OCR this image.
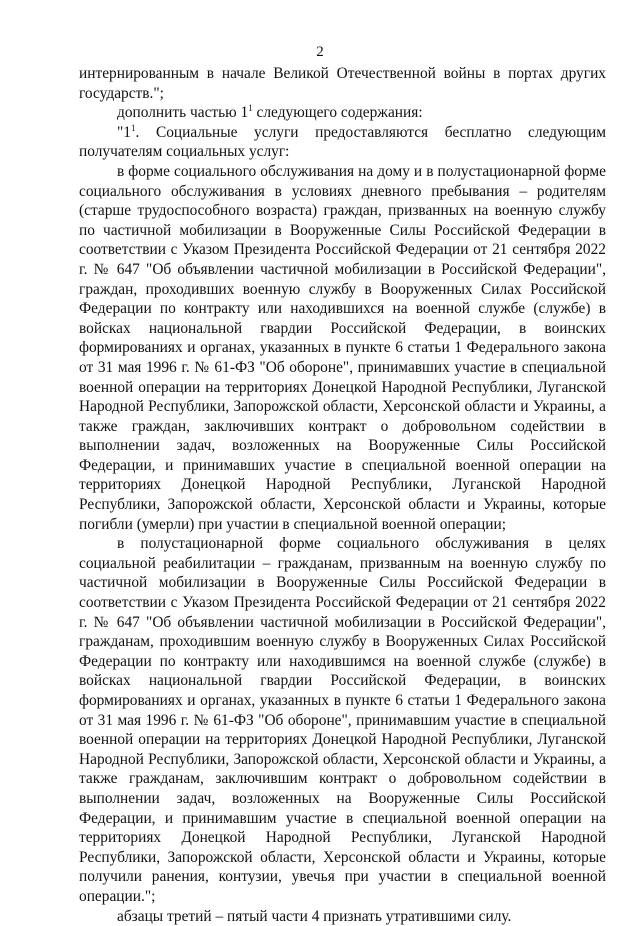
2

интернированным в начале Великой Отечественной войны в портах других государств.";

дополнить частью $1^1$ следующего содержания:

"$1^1$. Социальные услуги предоставляются бесплатно следующим получателям социальных услуг:

в форме социального обслуживания на дому и в полустационарной форме социального обслуживания в условиях дневного пребывания – родителям (старше трудоспособного возраста) граждан, призванных на военную службу по частичной мобилизации в Вооруженные Силы Российской Федерации в соответствии с Указом Президента Российской Федерации от 21 сентября 2022 г. № 647 "Об объявлении частичной мобилизации в Российской Федерации", граждан, проходивших военную службу в Вооруженных Силах Российской Федерации по контракту или находившихся на военной службе (службе) в войсках национальной гвардии Российской Федерации, в воинских формированиях и органах, указанных в пункте 6 статьи 1 Федерального закона от 31 мая 1996 г. № 61-ФЗ "Об обороне", принимавших участие в специальной военной операции на территориях Донецкой Народной Республики, Луганской Народной Республики, Запорожской области, Херсонской области и Украины, а также граждан, заключивших контракт о добровольном содействии в выполнении задач, возложенных на Вооруженные Силы Российской Федерации, и принимавших участие в специальной военной операции на территориях Донецкой Народной Республики, Луганской Народной Республики, Запорожской области, Херсонской области и Украины, которые погибли (умерли) при участии в специальной военной операции;

в полустационарной форме социального обслуживания в целях социальной реабилитации – гражданам, призванным на военную службу по частичной мобилизации в Вооруженные Силы Российской Федерации в соответствии с Указом Президента Российской Федерации от 21 сентября 2022 г. № 647 "Об объявлении частичной мобилизации в Российской Федерации", гражданам, проходившим военную службу в Вооруженных Силах Российской Федерации по контракту или находившимся на военной службе (службе) в войсках национальной гвардии Российской Федерации, в воинских формированиях и органах, указанных в пункте 6 статьи 1 Федерального закона от 31 мая 1996 г. № 61-ФЗ "Об обороне", принимавшим участие в специальной военной операции на территориях Донецкой Народной Республики, Луганской Народной Республики, Запорожской области, Херсонской области и Украины, а также гражданам, заключившим контракт о добровольном содействии в выполнении задач, возложенных на Вооруженные Силы Российской Федерации, и принимавшим участие в специальной военной операции на территориях Донецкой Народной Республики, Луганской Народной Республики, Запорожской области, Херсонской области и Украины, которые получили ранения, контузии, увечья при участии в специальной военной операции.";

абзацы третий – пятый части 4 признать утратившими силу.
